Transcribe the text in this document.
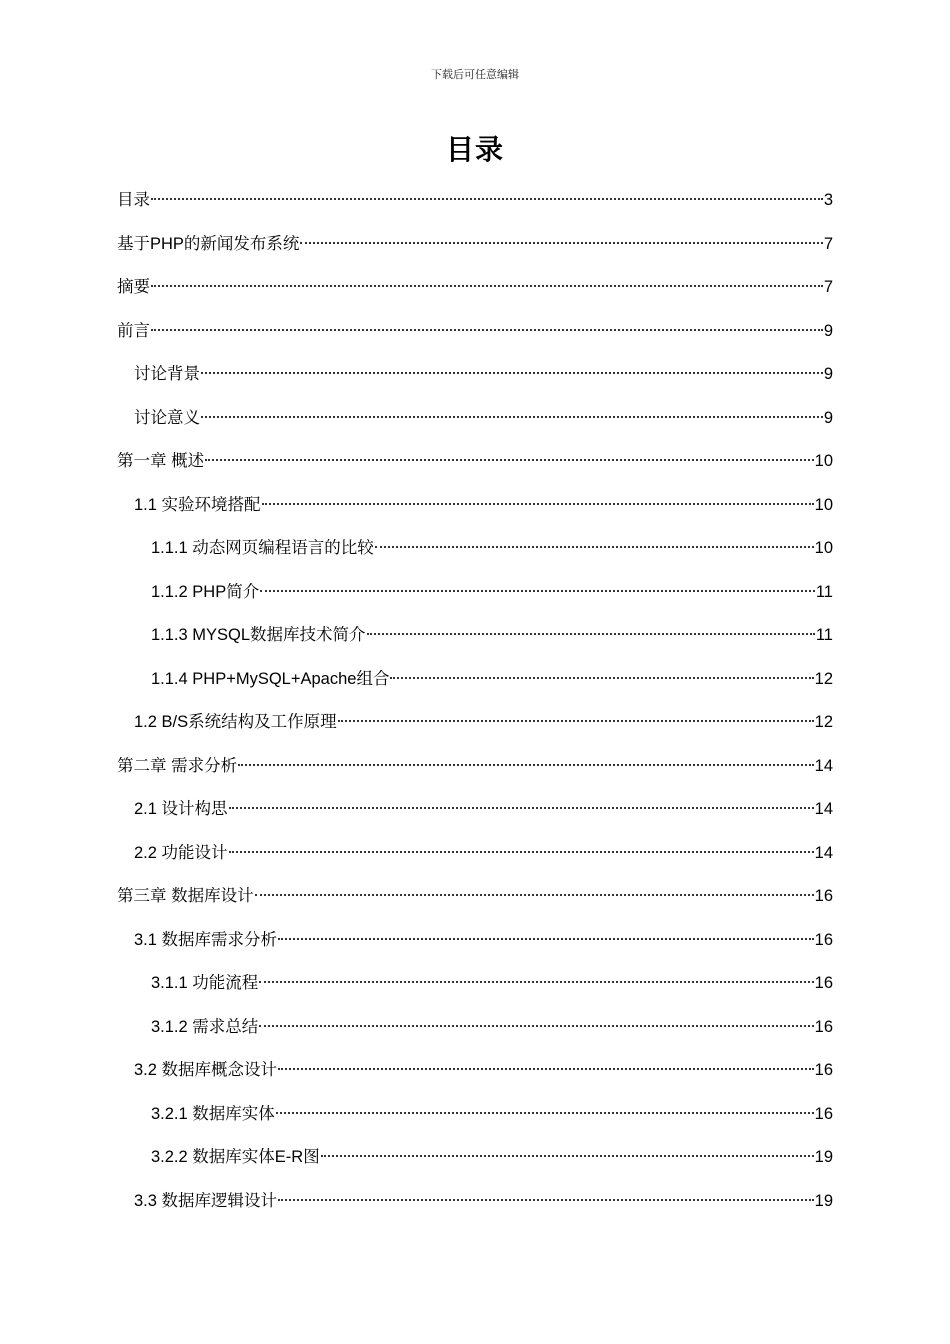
下载后可任意编辑
目录
目录	3
基于PHP的新闻发布系统	7
摘要	7
前言	9
讨论背景	9
讨论意义	9
第一章 概述	10
1.1 实验环境搭配	10
1.1.1 动态网页编程语言的比较	10
1.1.2 PHP简介	11
1.1.3 MYSQL数据库技术简介	11
1.1.4 PHP+MySQL+Apache组合	12
1.2 B/S系统结构及工作原理	12
第二章 需求分析	14
2.1 设计构思	14
2.2 功能设计	14
第三章 数据库设计	16
3.1 数据库需求分析	16
3.1.1 功能流程	16
3.1.2 需求总结	16
3.2 数据库概念设计	16
3.2.1 数据库实体	16
3.2.2 数据库实体E-R图	19
3.3 数据库逻辑设计	19
